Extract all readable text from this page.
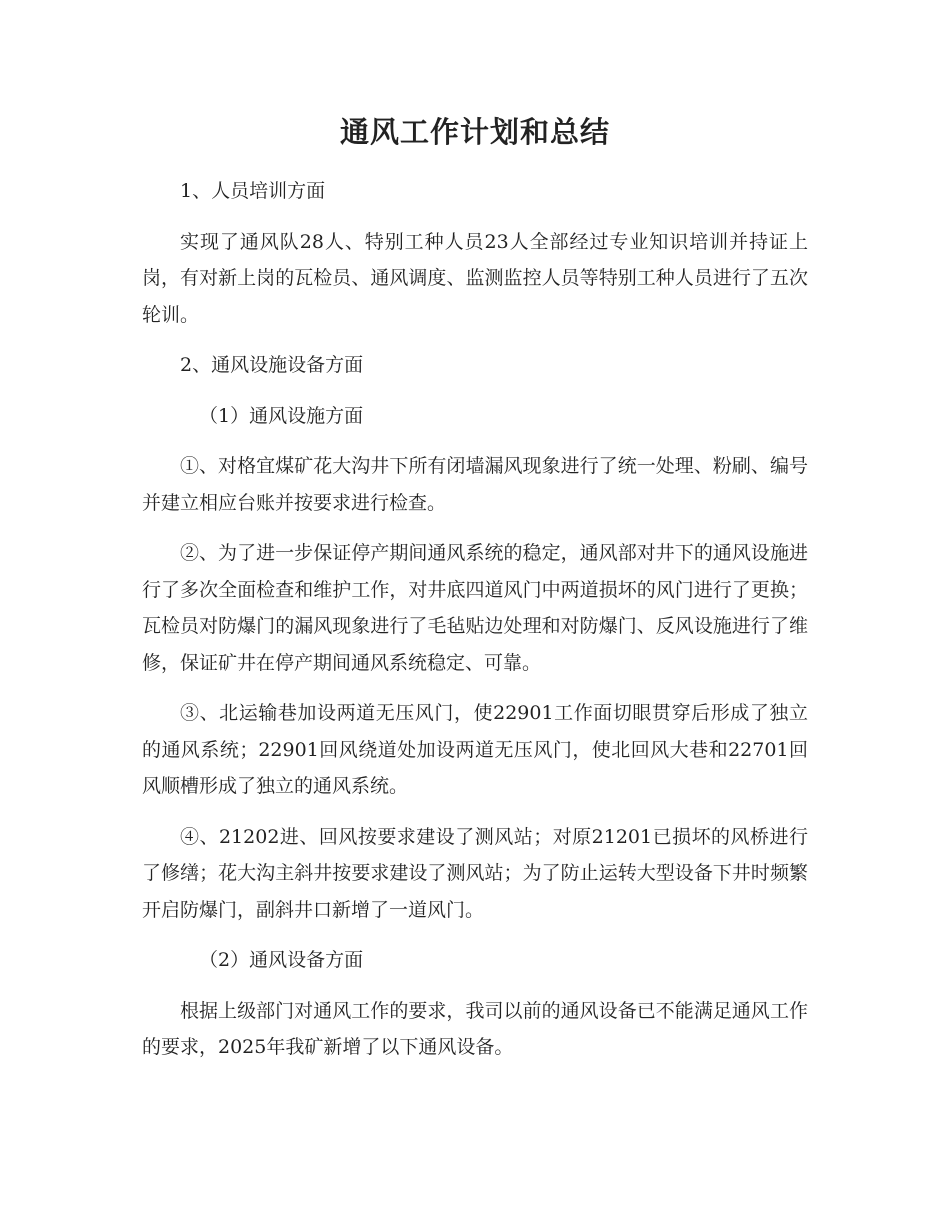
通风工作计划和总结
1、人员培训方面
实现了通风队28人、特别工种人员23人全部经过专业知识培训并持证上岗，有对新上岗的瓦检员、通风调度、监测监控人员等特别工种人员进行了五次轮训。
2、通风设施设备方面
（1）通风设施方面
①、对格宜煤矿花大沟井下所有闭墙漏风现象进行了统一处理、粉刷、编号并建立相应台账并按要求进行检查。
②、为了进一步保证停产期间通风系统的稳定，通风部对井下的通风设施进行了多次全面检查和维护工作，对井底四道风门中两道损坏的风门进行了更换；瓦检员对防爆门的漏风现象进行了毛毡贴边处理和对防爆门、反风设施进行了维修，保证矿井在停产期间通风系统稳定、可靠。
③、北运输巷加设两道无压风门，使22901工作面切眼贯穿后形成了独立的通风系统；22901回风绕道处加设两道无压风门，使北回风大巷和22701回风顺槽形成了独立的通风系统。
④、21202进、回风按要求建设了测风站；对原21201已损坏的风桥进行了修缮；花大沟主斜井按要求建设了测风站；为了防止运转大型设备下井时频繁开启防爆门，副斜井口新增了一道风门。
（2）通风设备方面
根据上级部门对通风工作的要求，我司以前的通风设备已不能满足通风工作的要求，2025年我矿新增了以下通风设备。
